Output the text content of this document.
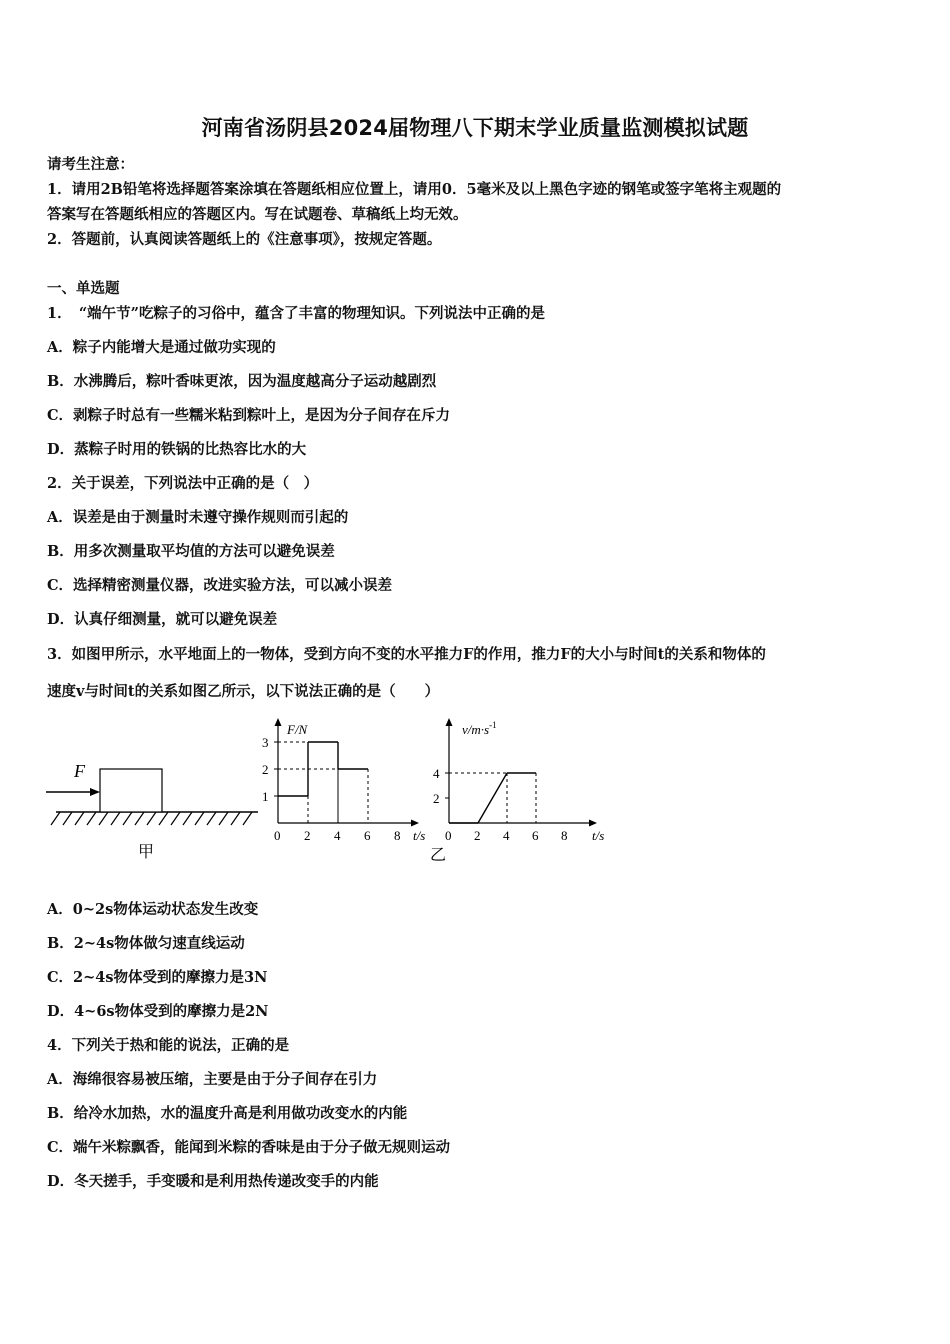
河南省汤阴县2024届物理八下期末学业质量监测模拟试题
请考生注意：
1．请用2B铅笔将选择题答案涂填在答题纸相应位置上，请用0．5毫米及以上黑色字迹的钢笔或签字笔将主观题的
答案写在答题纸相应的答题区内。写在试题卷、草稿纸上均无效。
2．答题前，认真阅读答题纸上的《注意事项》，按规定答题。
一、单选题
1．　“端午节”吃粽子的习俗中，蕴含了丰富的物理知识。下列说法中正确的是
A．粽子内能增大是通过做功实现的
B．水沸腾后，粽叶香味更浓，因为温度越高分子运动越剧烈
C．剥粽子时总有一些糯米粘到粽叶上，是因为分子间存在斥力
D．蒸粽子时用的铁锅的比热容比水的大
2．关于误差，下列说法中正确的是（　）
A．误差是由于测量时未遵守操作规则而引起的
B．用多次测量取平均值的方法可以避免误差
C．选择精密测量仪器，改进实验方法，可以减小误差
D．认真仔细测量，就可以避免误差
3．如图甲所示，水平地面上的一物体，受到方向不变的水平推力F的作用，推力F的大小与时间t的关系和物体的
速度v与时间t的关系如图乙所示，以下说法正确的是（　　）
F
甲
F/N
t/s
0 2 4 6 8
1
2
3
$v/m\cdot s^{-1}$
t/s
乙
0 2 4 6 8
2
4
A．0~2s物体运动状态发生改变
B．2~4s物体做匀速直线运动
C．2~4s物体受到的摩擦力是3N
D．4~6s物体受到的摩擦力是2N
4．下列关于热和能的说法，正确的是
A．海绵很容易被压缩，主要是由于分子间存在引力
B．给冷水加热，水的温度升高是利用做功改变水的内能
C．端午米粽飘香，能闻到米粽的香味是由于分子做无规则运动
D．冬天搓手，手变暖和是利用热传递改变手的内能
